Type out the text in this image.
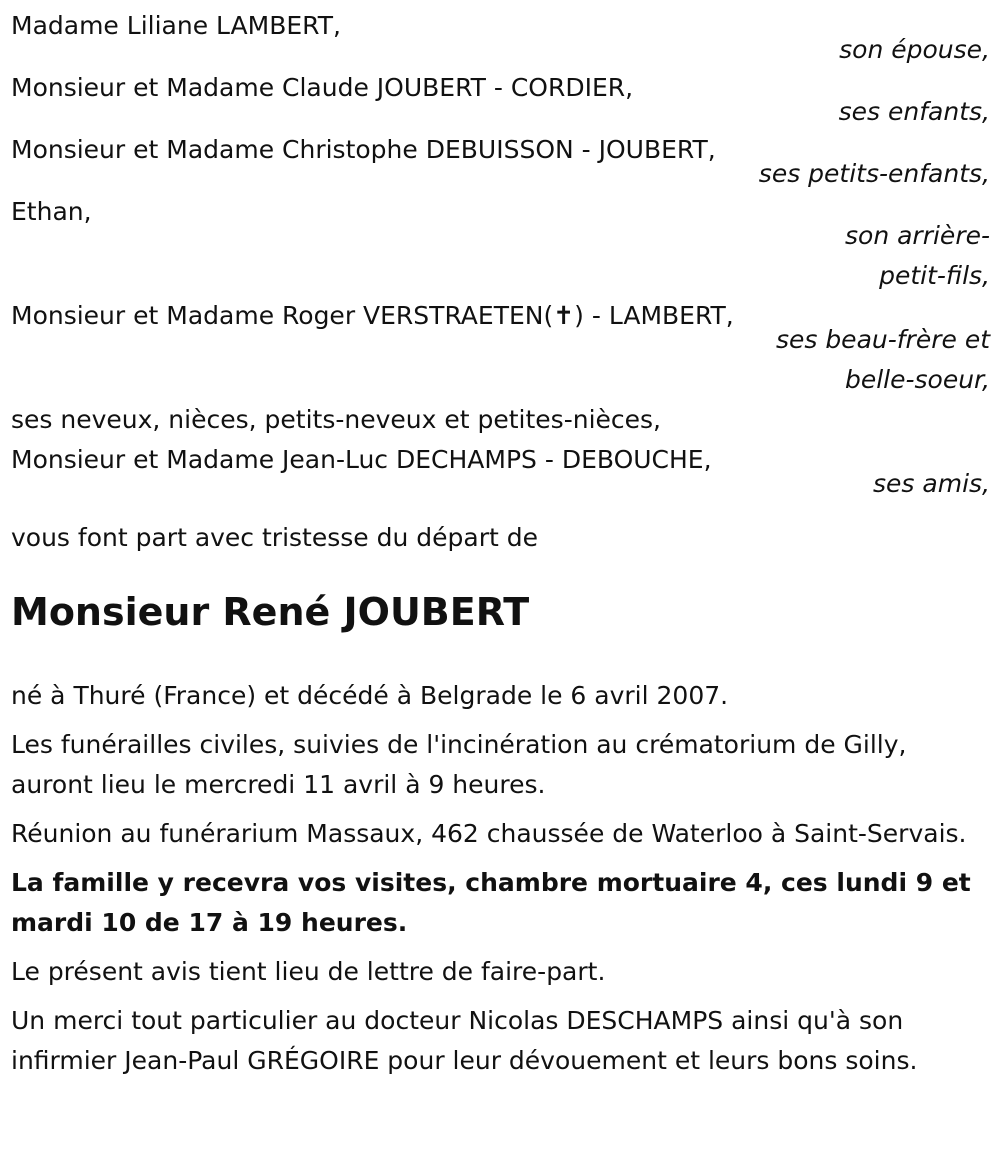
Madame Liliane LAMBERT,
son épouse,
Monsieur et Madame Claude JOUBERT - CORDIER,
ses enfants,
Monsieur et Madame Christophe DEBUISSON - JOUBERT,
ses petits-enfants,
Ethan,
son arrière-
petit-fils,
Monsieur et Madame Roger VERSTRAETEN(✝) - LAMBERT,
ses beau-frère et
belle-soeur,
ses neveux, nièces, petits-neveux et petites-nièces,
Monsieur et Madame Jean-Luc DECHAMPS - DEBOUCHE,
ses amis,
vous font part avec tristesse du départ de
Monsieur René JOUBERT

né à Thuré (France) et décédé à Belgrade le 6 avril 2007.

Les funérailles civiles, suivies de l'incinération au crématorium de Gilly, auront lieu le mercredi 11 avril à 9 heures.

Réunion au funérarium Massaux, 462 chaussée de Waterloo à Saint-Servais.

La famille y recevra vos visites, chambre mortuaire 4, ces lundi 9 et mardi 10 de 17 à 19 heures.

Le présent avis tient lieu de lettre de faire-part.

Un merci tout particulier au docteur Nicolas DESCHAMPS ainsi qu'à son infirmier Jean-Paul GRÉGOIRE pour leur dévouement et leurs bons soins.
